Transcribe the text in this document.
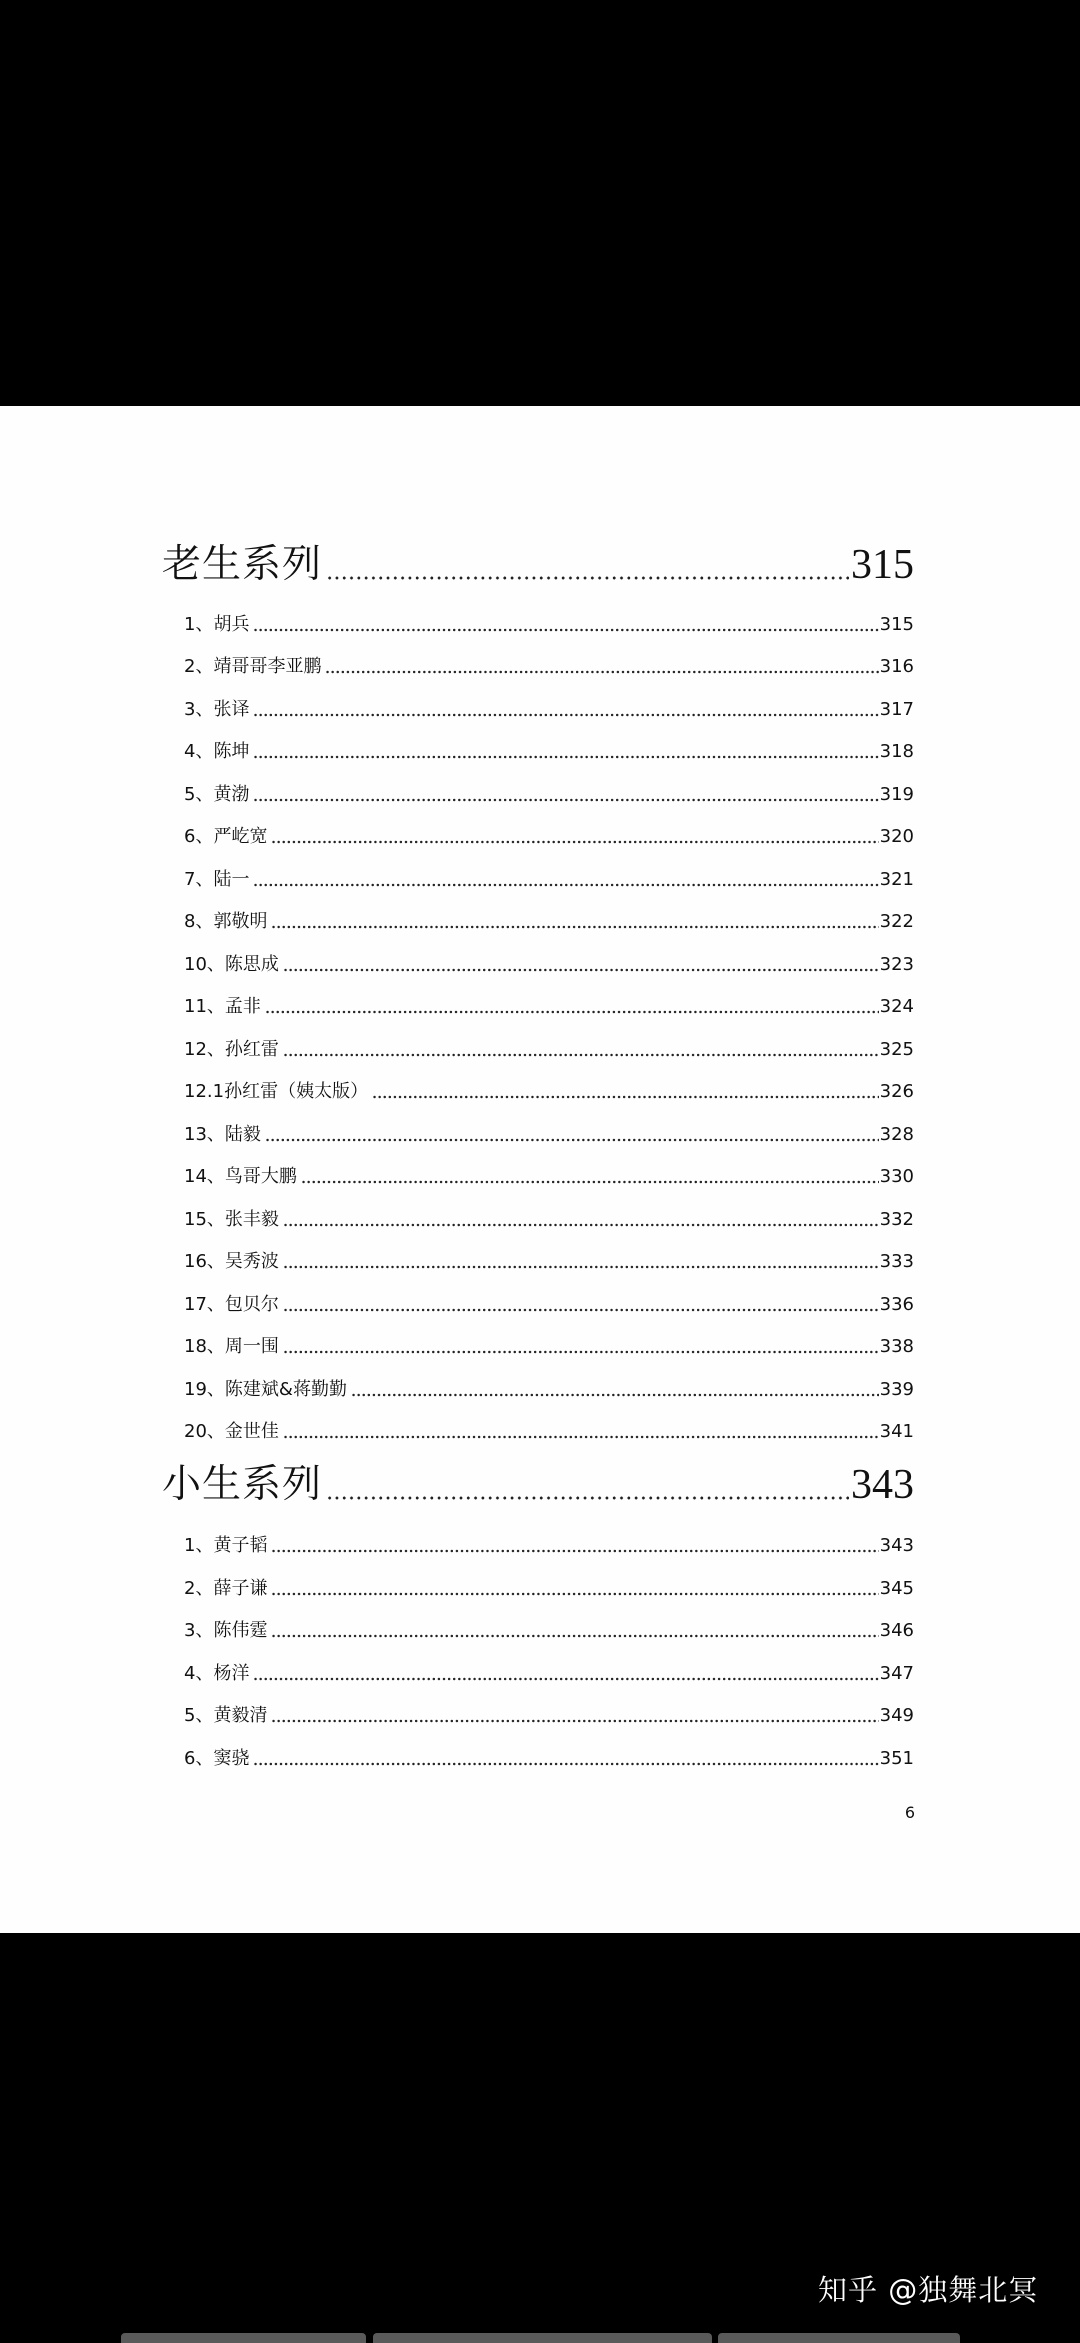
老生系列	315
1、胡兵	315
2、靖哥哥李亚鹏	316
3、张译	317
4、陈坤	318
5、黄渤	319
6、严屹宽	320
7、陆一	321
8、郭敬明	322
10、陈思成	323
11、孟非	324
12、孙红雷	325
12.1孙红雷（姨太版）	326
13、陆毅	328
14、鸟哥大鹏	330
15、张丰毅	332
16、吴秀波	333
17、包贝尔	336
18、周一围	338
19、陈建斌&蒋勤勤	339
20、金世佳	341
小生系列	343
1、黄子韬	343
2、薛子谦	345
3、陈伟霆	346
4、杨洋	347
5、黄毅清	349
6、窦骁	351
6
知乎 @独舞北冥
